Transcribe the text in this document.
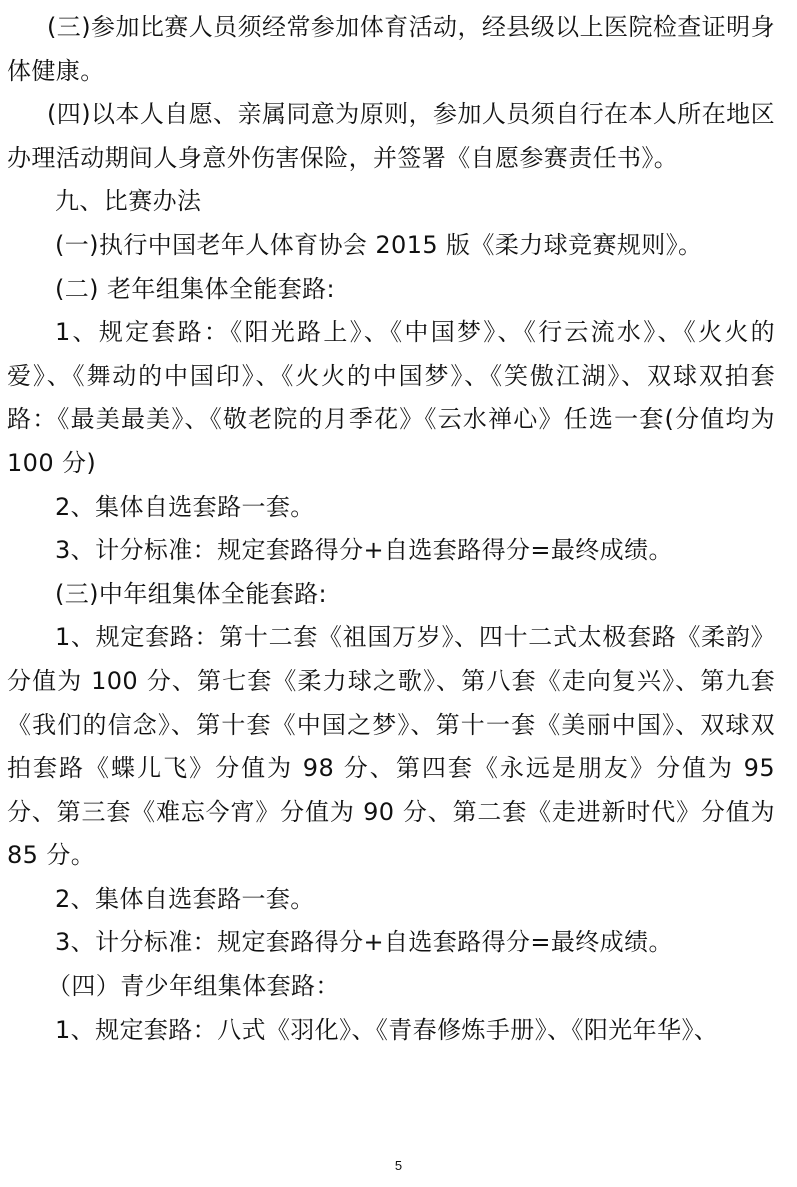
(三)参加比赛人员须经常参加体育活动，经县级以上医院检查证明身体健康。

(四)以本人自愿、亲属同意为原则，参加人员须自行在本人所在地区办理活动期间人身意外伤害保险，并签署《自愿参赛责任书》。

九、比赛办法

(一)执行中国老年人体育协会 2015 版《柔力球竞赛规则》。

(二) 老年组集体全能套路:

1、规定套路：《阳光路上》、《中国梦》、《行云流水》、《火火的爱》、《舞动的中国印》、《火火的中国梦》、《笑傲江湖》、双球双拍套路：《最美最美》、《敬老院的月季花》《云水禅心》任选一套(分值均为 100 分)

2、集体自选套路一套。

3、计分标准：规定套路得分+自选套路得分=最终成绩。

(三)中年组集体全能套路:

1、规定套路：第十二套《祖国万岁》、四十二式太极套路《柔韵》分值为 100 分、第七套《柔力球之歌》、第八套《走向复兴》、第九套《我们的信念》、第十套《中国之梦》、第十一套《美丽中国》、双球双拍套路《蝶儿飞》分值为 98 分、第四套《永远是朋友》分值为 95 分、第三套《难忘今宵》分值为 90 分、第二套《走进新时代》分值为 85 分。

2、集体自选套路一套。

3、计分标准：规定套路得分+自选套路得分=最终成绩。

（四）青少年组集体套路：

1、规定套路：八式《羽化》、《青春修炼手册》、《阳光年华》、

5
